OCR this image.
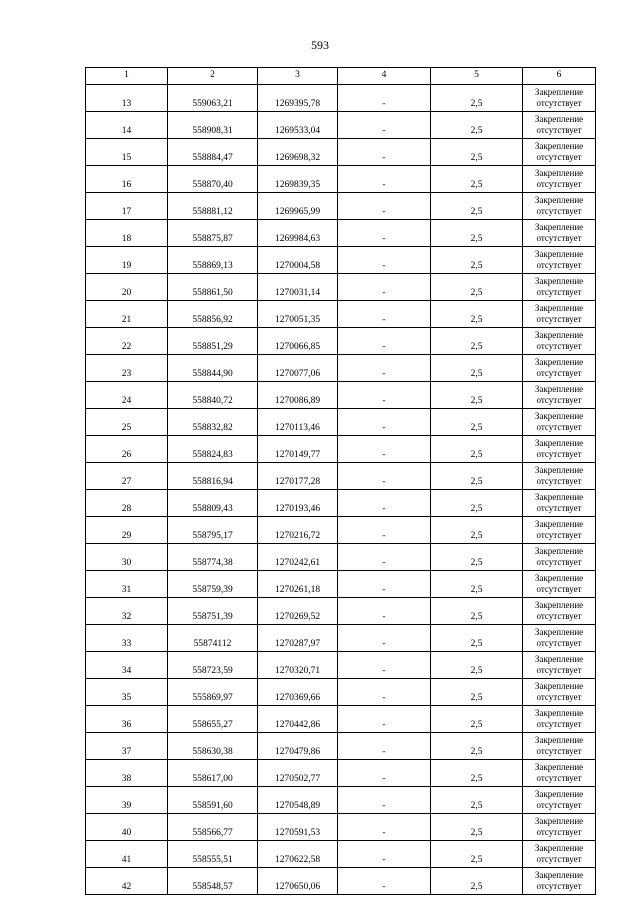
593
1	2	3	4	5	6
13	559063,21	1269395,78	-	2,5	Закрепление
отсутствует

14	558908,31	1269533,04	-	2,5	Закрепление
отсутствует

15	558884,47	1269698,32	-	2,5	Закрепление
отсутствует

16	558870,40	1269839,35	-	2,5	Закрепление
отсутствует

17	558881,12	1269965,99	-	2,5	Закрепление
отсутствует

18	558875,87	1269984,63	-	2,5	Закрепление
отсутствует

19	558869,13	1270004,58	-	2,5	Закрепление
отсутствует

20	558861,50	1270031,14	-	2,5	Закрепление
отсутствует

21	558856,92	1270051,35	-	2,5	Закрепление
отсутствует

22	558851,29	1270066,85	-	2,5	Закрепление
отсутствует

23	558844,90	1270077,06	-	2,5	Закрепление
отсутствует

24	558840,72	1270086,89	-	2,5	Закрепление
отсутствует

25	558832,82	1270113,46	-	2,5	Закрепление
отсутствует

26	558824,83	1270149,77	-	2,5	Закрепление
отсутствует

27	558816,94	1270177,28	-	2,5	Закрепление
отсутствует

28	558809,43	1270193,46	-	2,5	Закрепление
отсутствует

29	558795,17	1270216,72	-	2,5	Закрепление
отсутствует

30	558774,38	1270242,61	-	2,5	Закрепление
отсутствует

31	558759,39	1270261,18	-	2,5	Закрепление
отсутствует

32	558751,39	1270269,52	-	2,5	Закрепление
отсутствует

33	55874112	1270287,97	-	2,5	Закрепление
отсутствует

34	558723,59	1270320,71	-	2,5	Закрепление
отсутствует

35	555869,97	1270369,66	-	2,5	Закрепление
отсутствует

36	558655,27	1270442,86	-	2,5	Закрепление
отсутствует

37	558630,38	1270479,86	-	2,5	Закрепление
отсутствует

38	558617,00	1270502,77	-	2,5	Закрепление
отсутствует

39	558591,60	1270548,89	-	2,5	Закрепление
отсутствует

40	558566,77	1270591,53	-	2,5	Закрепление
отсутствует

41	558555,51	1270622,58	-	2,5	Закрепление
отсутствует

42	558548,57	1270650,06	-	2,5	Закрепление
отсутствует
